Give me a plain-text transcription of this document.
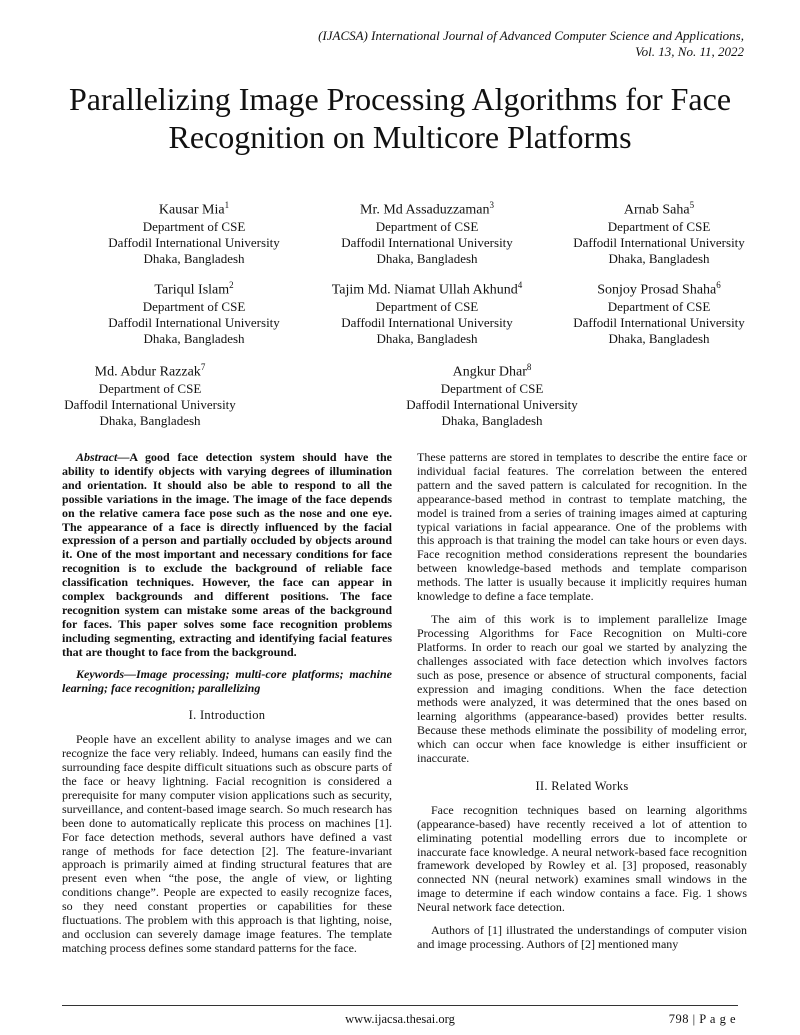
(IJACSA) International Journal of Advanced Computer Science and Applications,
Vol. 13, No. 11, 2022
Parallelizing Image Processing Algorithms for Face
Recognition on Multicore Platforms
Kausar Mia$^1$
Department of CSE
Daffodil International University
Dhaka, Bangladesh
Mr. Md Assaduzzaman$^3$
Department of CSE
Daffodil International University
Dhaka, Bangladesh
Arnab Saha$^5$
Department of CSE
Daffodil International University
Dhaka, Bangladesh
Tariqul Islam$^2$
Department of CSE
Daffodil International University
Dhaka, Bangladesh
Tajim Md. Niamat Ullah Akhund$^4$
Department of CSE
Daffodil International University
Dhaka, Bangladesh
Sonjoy Prosad Shaha$^6$
Department of CSE
Daffodil International University
Dhaka, Bangladesh
Md. Abdur Razzak$^7$
Department of CSE
Daffodil International University
Dhaka, Bangladesh
Angkur Dhar$^8$
Department of CSE
Daffodil International University
Dhaka, Bangladesh

Abstract—A good face detection system should have the ability to identify objects with varying degrees of illumination and orientation. It should also be able to respond to all the possible variations in the image. The image of the face depends on the relative camera face pose such as the nose and one eye. The appearance of a face is directly influenced by the facial expression of a person and partially occluded by objects around it. One of the most important and necessary conditions for face recognition is to exclude the background of reliable face classification techniques. However, the face can appear in complex backgrounds and different positions. The face recognition system can mistake some areas of the background for faces. This paper solves some face recognition problems including segmenting, extracting and identifying facial features that are thought to face from the background.

Keywords—Image processing; multi-core platforms; machine learning; face recognition; parallelizing

I. Introduction

People have an excellent ability to analyse images and we can recognize the face very reliably. Indeed, humans can easily find the surrounding face despite difficult situations such as obscure parts of the face or heavy lightning. Facial recognition is considered a prerequisite for many computer vision applications such as security, surveillance, and content-based image search. So much research has been done to automatically replicate this process on machines [1]. For face detection methods, several authors have defined a vast range of methods for face detection [2]. The feature-invariant approach is primarily aimed at finding structural features that are present even when “the pose, the angle of view, or lighting conditions change”. People are expected to easily recognize faces, so they need constant properties or capabilities for these fluctuations. The problem with this approach is that lighting, noise, and occlusion can severely damage image features. The template matching process defines some standard patterns for the face.

These patterns are stored in templates to describe the entire face or individual facial features. The correlation between the entered pattern and the saved pattern is calculated for recognition. In the appearance-based method in contrast to template matching, the model is trained from a series of training images aimed at capturing typical variations in facial appearance. One of the problems with this approach is that training the model can take hours or even days. Face recognition method considerations represent the boundaries between knowledge-based methods and template comparison methods. The latter is usually because it implicitly requires human knowledge to define a face template.

The aim of this work is to implement parallelize Image Processing Algorithms for Face Recognition on Multi-core Platforms. In order to reach our goal we started by analyzing the challenges associated with face detection which involves factors such as pose, presence or absence of structural components, facial expression and imaging conditions. When the face detection methods were analyzed, it was determined that the ones based on learning algorithms (appearance-based) provides better results. Because these methods eliminate the possibility of modeling error, which can occur when face knowledge is either insufficient or inaccurate.

II. Related Works

Face recognition techniques based on learning algorithms (appearance-based) have recently received a lot of attention to eliminating potential modelling errors due to incomplete or inaccurate face knowledge. A neural network-based face recognition framework developed by Rowley et al. [3] proposed, reasonably connected NN (neural network) examines small windows in the image to determine if each window contains a face. Fig. 1 shows Neural network face detection.

Authors of [1] illustrated the understandings of computer vision and image processing. Authors of [2] mentioned many

www.ijacsa.thesai.org	798 | P a g e
